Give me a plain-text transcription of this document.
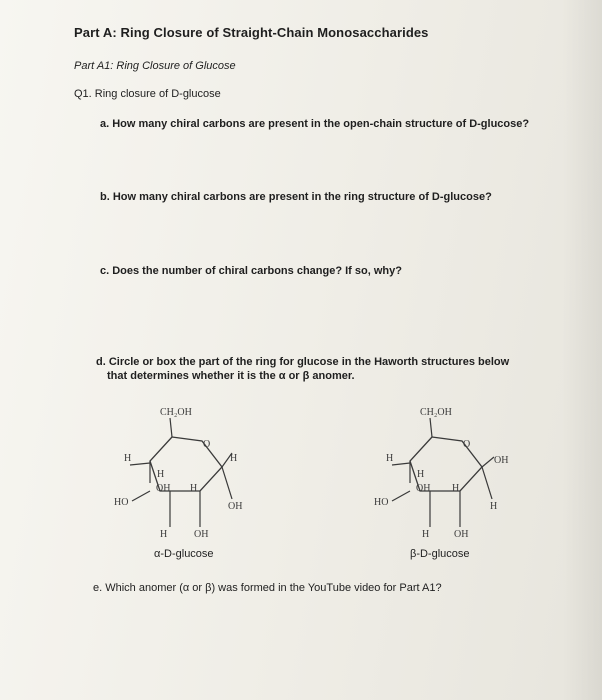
Part A: Ring Closure of Straight-Chain Monosaccharides
Part A1: Ring Closure of Glucose
Q1. Ring closure of D-glucose
a. How many chiral carbons are present in the open-chain structure of D-glucose?
b. How many chiral carbons are present in the ring structure of D-glucose?
c. Does the number of chiral carbons change? If so, why?
d. Circle or box the part of the ring for glucose in the Haworth structures below
that determines whether it is the α or β anomer.
CH₂OH
O
H	H
H
OH H
HO	OH
H	OH
α-D-glucose
CH₂OH
O
H	OH
H
OH H
HO	H
H OH
β-D-glucose
e. Which anomer (α or β) was formed in the YouTube video for Part A1?
